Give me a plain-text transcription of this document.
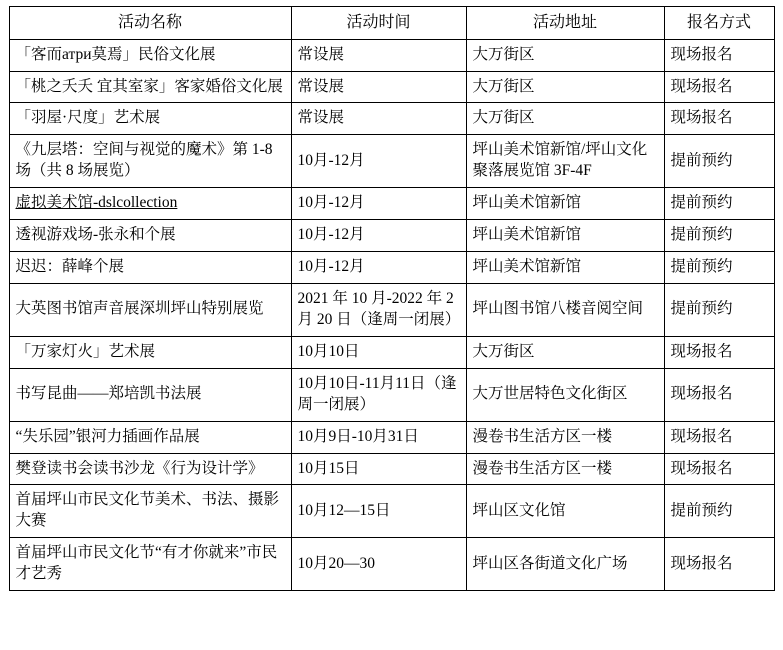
活动名称	活动时间	活动地址	报名方式
「客而атри莫焉」民俗文化展	常设展	大万街区	现场报名
「桃之夭夭 宜其室家」客家婚俗文化展	常设展	大万街区	现场报名
「羽屋·尺度」艺术展	常设展	大万街区	现场报名
《九层塔：空间与视觉的魔术》第 1-8 场（共 8 场展览）	10月-12月	坪山美术馆新馆/坪山文化聚落展览馆 3F-4F	提前预约
虚拟美术馆-dslcollection	10月-12月	坪山美术馆新馆	提前预约
透视游戏场-张永和个展	10月-12月	坪山美术馆新馆	提前预约
迟迟：薛峰个展	10月-12月	坪山美术馆新馆	提前预约
大英图书馆声音展深圳坪山特别展览	2021 年 10 月-2022 年 2 月 20 日（逢周一闭展）	坪山图书馆八楼音阅空间	提前预约
「万家灯火」艺术展	10月10日	大万街区	现场报名
书写昆曲——郑培凯书法展	10月10日-11月11日（逢周一闭展）	大万世居特色文化街区	现场报名
“失乐园”银河力插画作品展	10月9日-10月31日	漫卷书生活方区一楼	现场报名
樊登读书会读书沙龙《行为设计学》	10月15日	漫卷书生活方区一楼	现场报名
首届坪山市民文化节美术、书法、摄影大赛	10月12—15日	坪山区文化馆	提前预约
首届坪山市民文化节“有才你就来”市民才艺秀	10月20—30	坪山区各街道文化广场	现场报名
